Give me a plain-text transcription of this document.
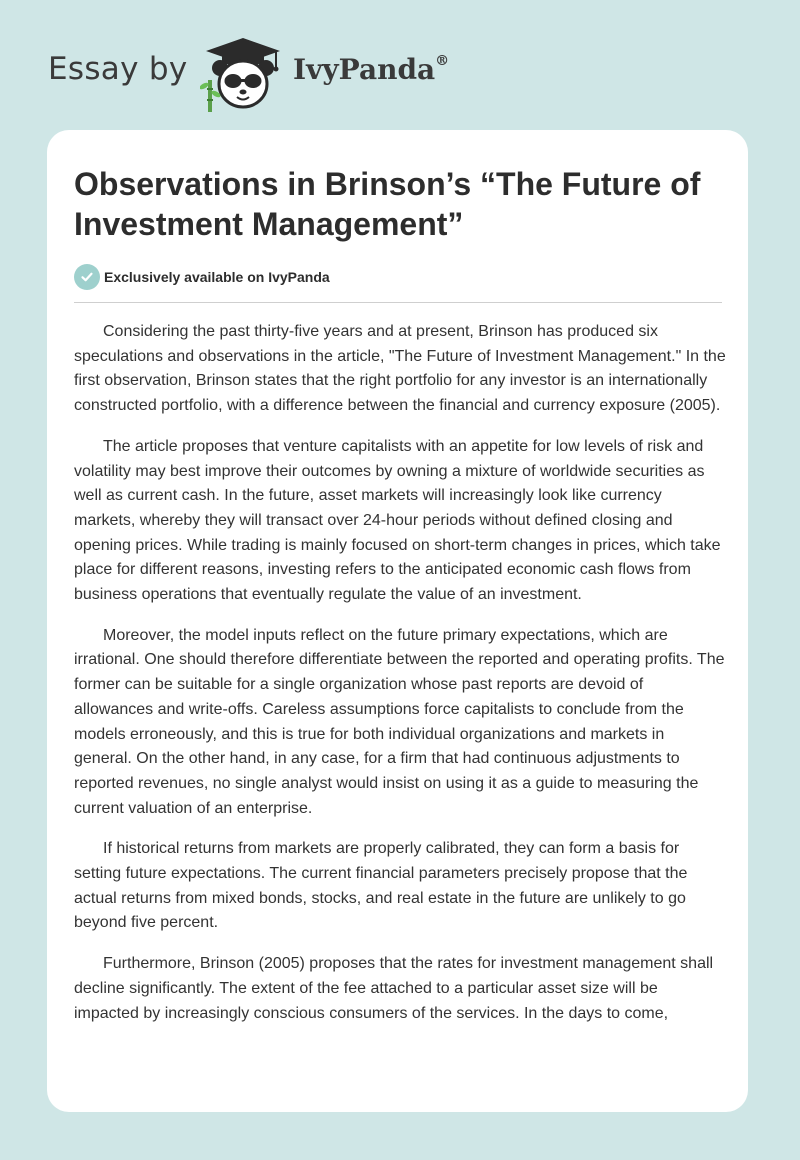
Essay by	IvyPanda®
Observations in Brinson’s “The Future of Investment Management”
Exclusively available on IvyPanda

Considering the past thirty-five years and at present, Brinson has produced six speculations and observations in the article, "The Future of Investment Management." In the first observation, Brinson states that the right portfolio for any investor is an internationally constructed portfolio, with a difference between the financial and currency exposure (2005).

The article proposes that venture capitalists with an appetite for low levels of risk and volatility may best improve their outcomes by owning a mixture of worldwide securities as well as current cash. In the future, asset markets will increasingly look like currency markets, whereby they will transact over 24-hour periods without defined closing and opening prices. While trading is mainly focused on short-term changes in prices, which take place for different reasons, investing refers to the anticipated economic cash flows from business operations that eventually regulate the value of an investment.

Moreover, the model inputs reflect on the future primary expectations, which are irrational. One should therefore differentiate between the reported and operating profits. The former can be suitable for a single organization whose past reports are devoid of allowances and write-offs. Careless assumptions force capitalists to conclude from the models erroneously, and this is true for both individual organizations and markets in general. On the other hand, in any case, for a firm that had continuous adjustments to reported revenues, no single analyst would insist on using it as a guide to measuring the current valuation of an enterprise.

If historical returns from markets are properly calibrated, they can form a basis for setting future expectations. The current financial parameters precisely propose that the actual returns from mixed bonds, stocks, and real estate in the future are unlikely to go beyond five percent.

Furthermore, Brinson (2005) proposes that the rates for investment management shall decline significantly. The extent of the fee attached to a particular asset size will be impacted by increasingly conscious consumers of the services. In the days to come,
